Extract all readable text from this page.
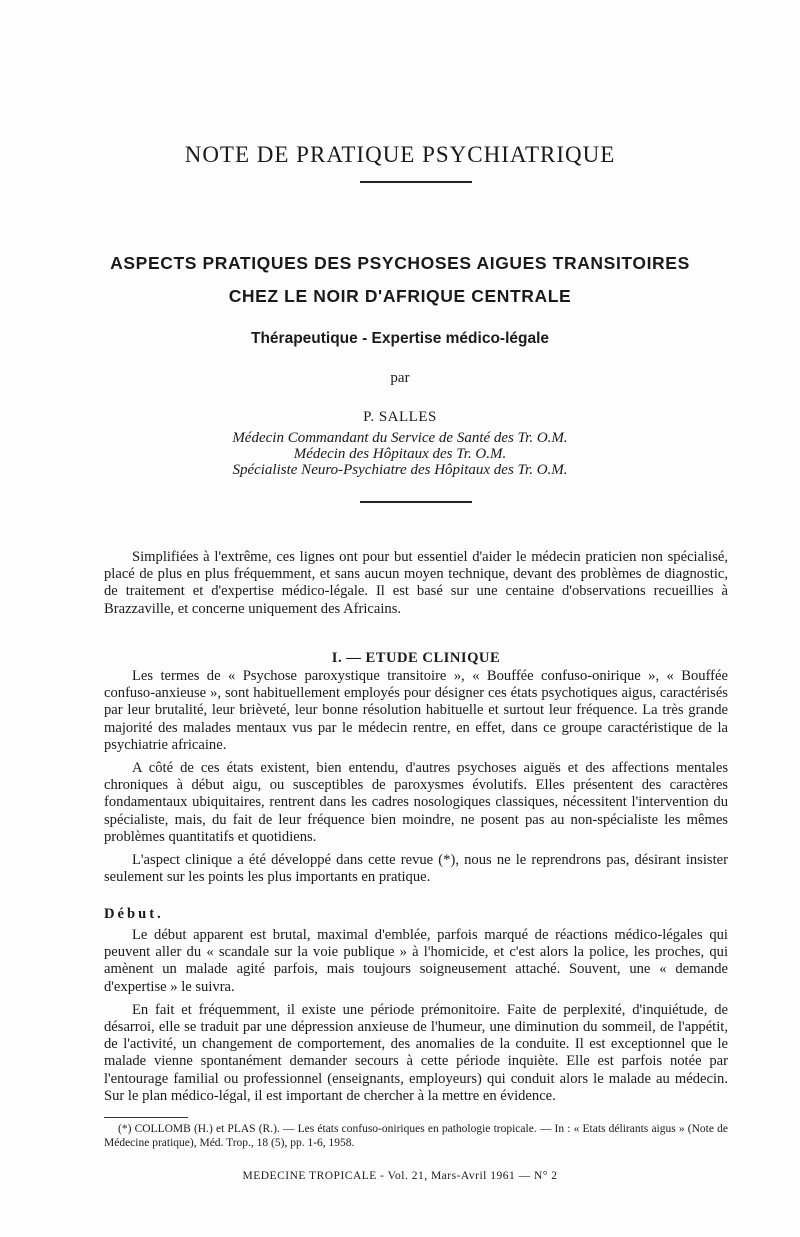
NOTE DE PRATIQUE PSYCHIATRIQUE
ASPECTS PRATIQUES DES PSYCHOSES AIGUES TRANSITOIRES
CHEZ LE NOIR D'AFRIQUE CENTRALE
Thérapeutique - Expertise médico-légale
par
P. SALLES
Médecin Commandant du Service de Santé des Tr. O.M.
Médecin des Hôpitaux des Tr. O.M.
Spécialiste Neuro-Psychiatre des Hôpitaux des Tr. O.M.

Simplifiées à l'extrême, ces lignes ont pour but essentiel d'aider le médecin praticien non spécialisé, placé de plus en plus fréquemment, et sans aucun moyen technique, devant des problèmes de diagnostic, de traitement et d'expertise médico-légale. Il est basé sur une centaine d'observations recueillies à Brazzaville, et concerne uniquement des Africains.

I. — ETUDE CLINIQUE

Les termes de « Psychose paroxystique transitoire », « Bouffée confuso-onirique », « Bouffée confuso-anxieuse », sont habituellement employés pour désigner ces états psychotiques aigus, caractérisés par leur brutalité, leur brièveté, leur bonne résolution habituelle et surtout leur fréquence. La très grande majorité des malades mentaux vus par le médecin rentre, en effet, dans ce groupe caractéristique de la psychiatrie africaine.

A côté de ces états existent, bien entendu, d'autres psychoses aiguës et des affections mentales chroniques à début aigu, ou susceptibles de paroxysmes évolutifs. Elles présentent des caractères fondamentaux ubiquitaires, rentrent dans les cadres nosologiques classiques, nécessitent l'intervention du spécialiste, mais, du fait de leur fréquence bien moindre, ne posent pas au non-spécialiste les mêmes problèmes quantitatifs et quotidiens.

L'aspect clinique a été développé dans cette revue (*), nous ne le reprendrons pas, désirant insister seulement sur les points les plus importants en pratique.

Début.

Le début apparent est brutal, maximal d'emblée, parfois marqué de réactions médico-légales qui peuvent aller du « scandale sur la voie publique » à l'homicide, et c'est alors la police, les proches, qui amènent un malade agité parfois, mais toujours soigneusement attaché. Souvent, une « demande d'expertise » le suivra.

En fait et fréquemment, il existe une période prémonitoire. Faite de perplexité, d'inquiétude, de désarroi, elle se traduit par une dépression anxieuse de l'humeur, une diminution du sommeil, de l'appétit, de l'activité, un changement de comportement, des anomalies de la conduite. Il est exceptionnel que le malade vienne spontanément demander secours à cette période inquiète. Elle est parfois notée par l'entourage familial ou professionnel (enseignants, employeurs) qui conduit alors le malade au médecin. Sur le plan médico-légal, il est important de chercher à la mettre en évidence.

(*) COLLOMB (H.) et PLAS (R.). — Les états confuso-oniriques en pathologie tropicale. — In : « Etats délirants aigus » (Note de Médecine pratique), Méd. Trop., 18 (5), pp. 1-6, 1958.

MEDECINE TROPICALE - Vol. 21, Mars-Avril 1961 — N° 2
